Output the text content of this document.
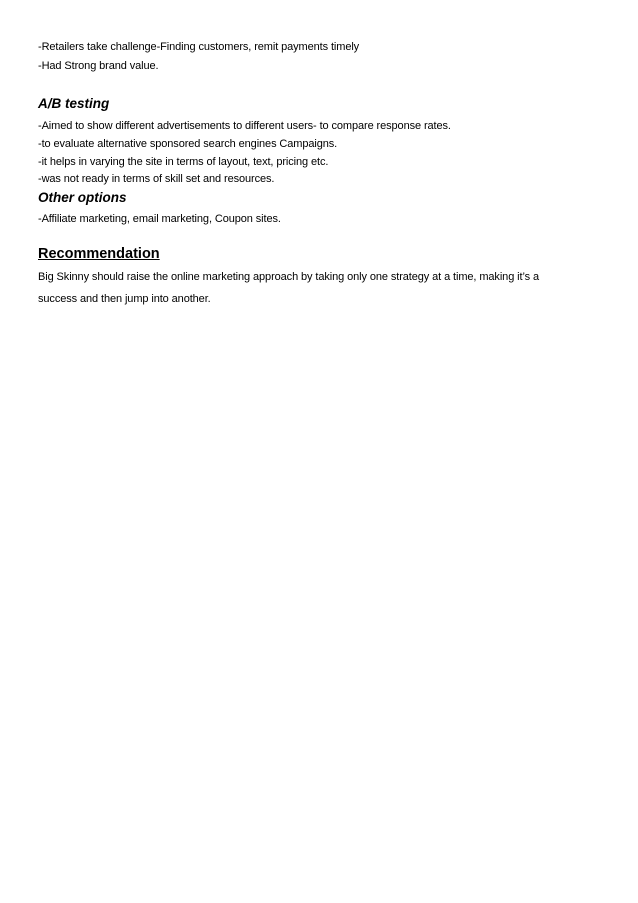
-Retailers take challenge-Finding customers, remit payments timely
-Had Strong brand value.
A/B testing
-Aimed to show different advertisements to different users- to compare response rates.
-to evaluate alternative sponsored search engines Campaigns.
-it helps in varying the site in terms of layout, text, pricing etc.
-was not ready in terms of skill set and resources.
Other options
-Affiliate marketing, email marketing, Coupon sites.
Recommendation
Big Skinny should raise the online marketing approach by taking only one strategy at a time, making it’s a
success and then jump into another.
